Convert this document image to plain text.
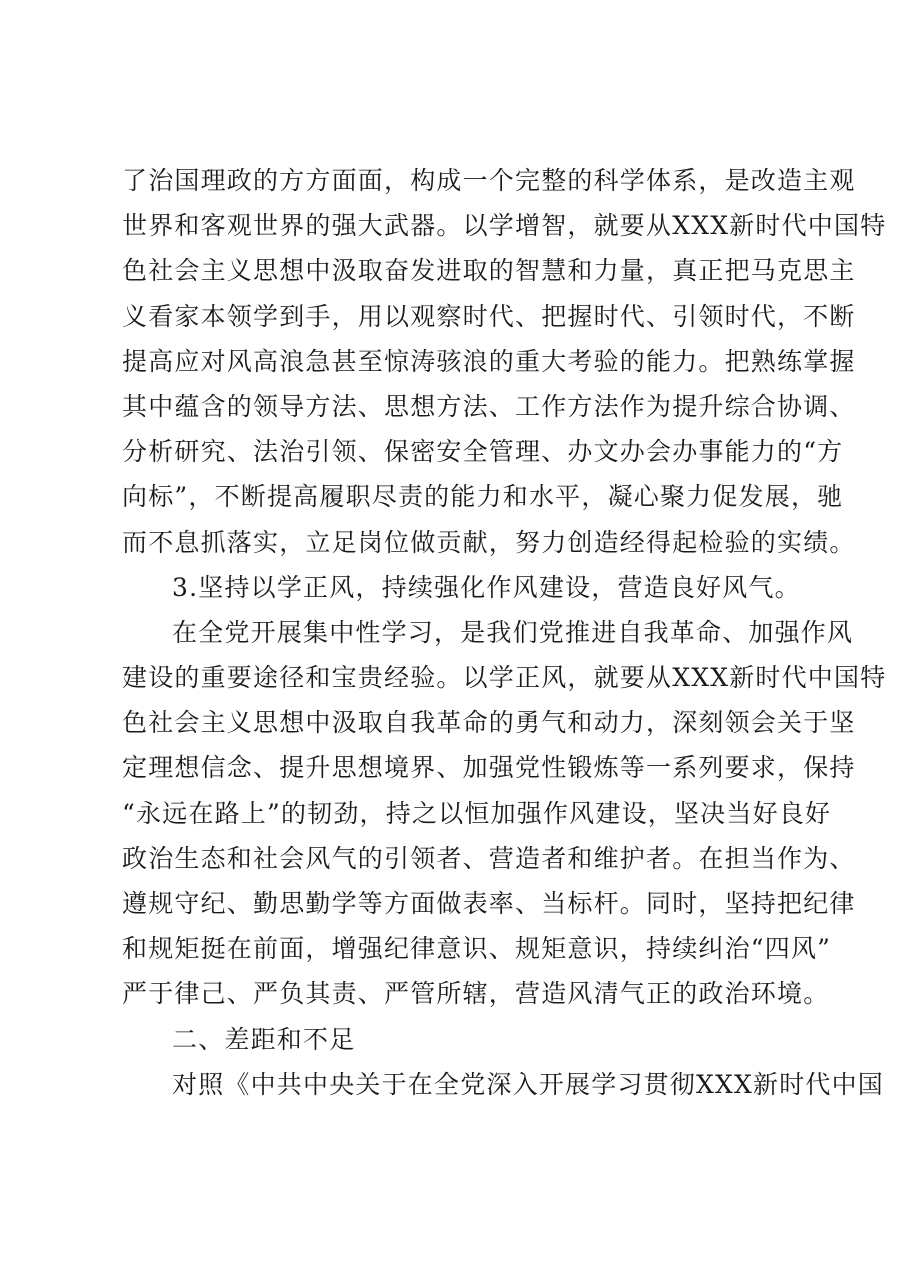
了治国理政的方方面面，构成一个完整的科学体系，是改造主观
世界和客观世界的强大武器。以学增智，就要从XXX新时代中国特
色社会主义思想中汲取奋发进取的智慧和力量，真正把马克思主
义看家本领学到手，用以观察时代、把握时代、引领时代，不断
提高应对风高浪急甚至惊涛骇浪的重大考验的能力。把熟练掌握
其中蕴含的领导方法、思想方法、工作方法作为提升综合协调、
分析研究、法治引领、保密安全管理、办文办会办事能力的“方
向标”，不断提高履职尽责的能力和水平，凝心聚力促发展，驰
而不息抓落实，立足岗位做贡献，努力创造经得起检验的实绩。
3.坚持以学正风，持续强化作风建设，营造良好风气。
在全党开展集中性学习，是我们党推进自我革命、加强作风
建设的重要途径和宝贵经验。以学正风，就要从XXX新时代中国特
色社会主义思想中汲取自我革命的勇气和动力，深刻领会关于坚
定理想信念、提升思想境界、加强党性锻炼等一系列要求，保持
“永远在路上”的韧劲，持之以恒加强作风建设，坚决当好良好
政治生态和社会风气的引领者、营造者和维护者。在担当作为、
遵规守纪、勤思勤学等方面做表率、当标杆。同时，坚持把纪律
和规矩挺在前面，增强纪律意识、规矩意识，持续纠治“四风”
严于律己、严负其责、严管所辖，营造风清气正的政治环境。
二、差距和不足
对照《中共中央关于在全党深入开展学习贯彻XXX新时代中国
